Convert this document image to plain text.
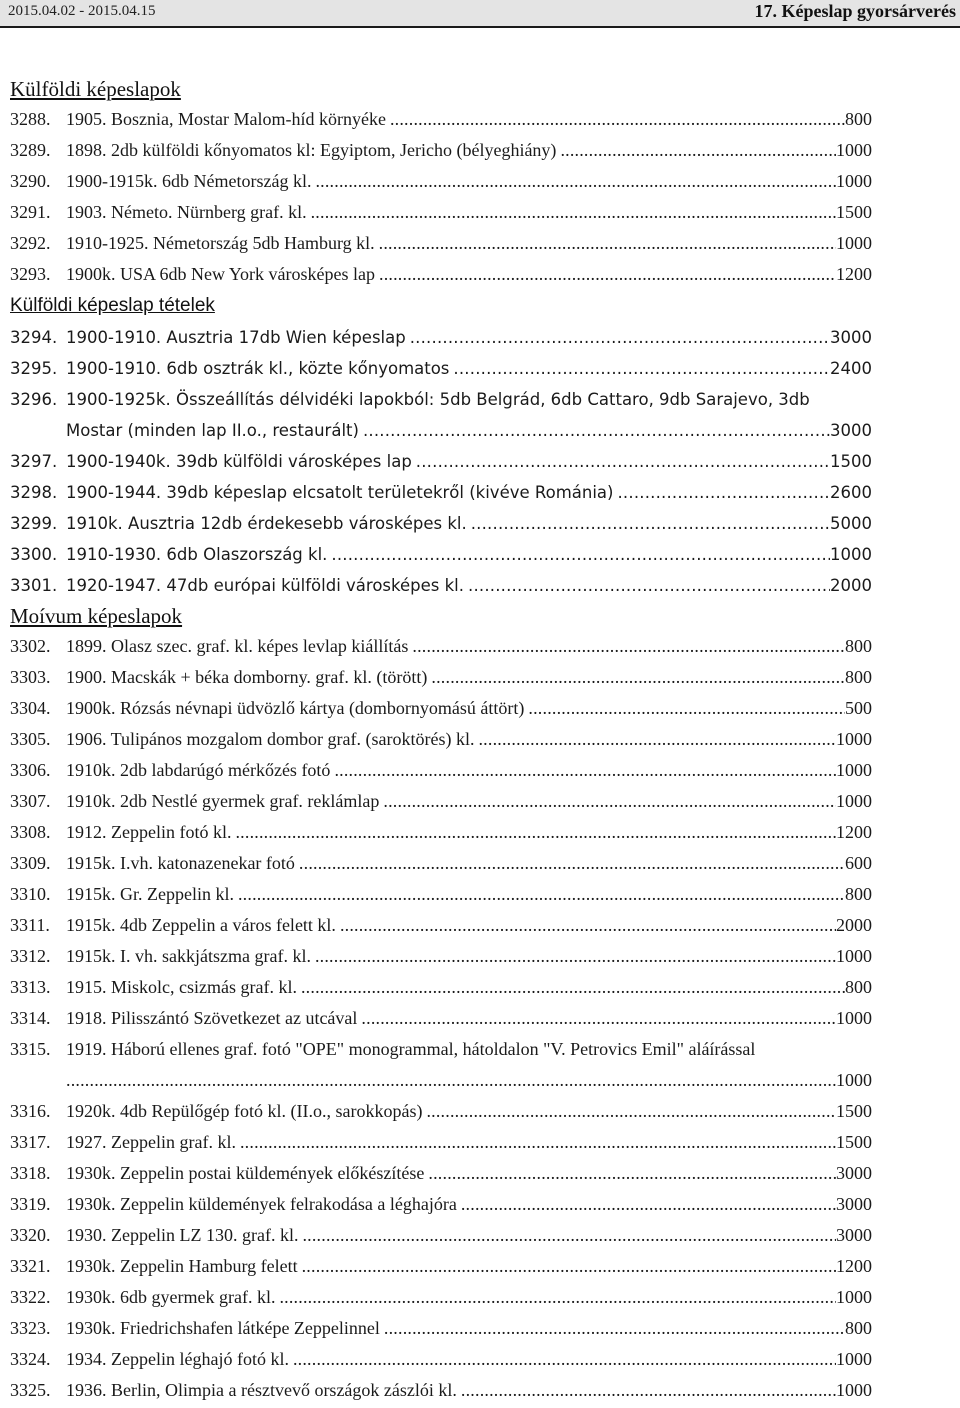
2015.04.02 - 2015.04.15	17. Képeslap gyorsárverés
Külföldi képeslapok
3288. 1905. Bosznia, Mostar Malom-híd környéke .....	800
3289. 1898. 2db külföldi kőnyomatos kl: Egyiptom, Jericho (bélyeghiány) .....	1000
3290. 1900-1915k. 6db Németország kl. .....	1000
3291. 1903. Németo. Nürnberg graf. kl. .....	1500
3292. 1910-1925. Németország 5db Hamburg kl. .....	1000
3293. 1900k. USA 6db New York városképes lap .....	1200
Külföldi képeslap tételek
3294. 1900-1910. Ausztria 17db Wien képeslap .....	3000
3295. 1900-1910. 6db osztrák kl., közte kőnyomatos .....	2400
3296. 1900-1925k. Összeállítás délvidéki lapokból: 5db Belgrád, 6db Cattaro, 9db Sarajevo, 3db
Mostar (minden lap II.o., restaurált) .....	3000
3297. 1900-1940k. 39db külföldi városképes lap .....	1500
3298. 1900-1944. 39db képeslap elcsatolt területekről (kivéve Románia) .....	2600
3299. 1910k. Ausztria 12db érdekesebb városképes kl. .....	5000
3300. 1910-1930. 6db Olaszország kl. .....	1000
3301. 1920-1947. 47db európai külföldi városképes kl. .....	2000
Moívum képeslapok
3302. 1899. Olasz szec. graf. kl. képes levlap kiállítás .....	800
3303. 1900. Macskák + béka domborny. graf. kl. (törött) .....	800
3304. 1900k. Rózsás névnapi üdvözlő kártya (dombornyomású áttört) .....	500
3305. 1906. Tulipános mozgalom dombor graf. (saroktörés) kl. .....	1000
3306. 1910k. 2db labdarúgó mérkőzés fotó .....	1000
3307. 1910k. 2db Nestlé gyermek graf. reklámlap .....	1000
3308. 1912. Zeppelin fotó kl. .....	1200
3309. 1915k. I.vh. katonazenekar fotó .....	600
3310. 1915k. Gr. Zeppelin kl. .....	800
3311. 1915k. 4db Zeppelin a város felett kl. .....	2000
3312. 1915k. I. vh. sakkjátszma graf. kl. .....	1000
3313. 1915. Miskolc, csizmás graf. kl. .....	800
3314. 1918. Pilisszántó Szövetkezet az utcával .....	1000
3315. 1919. Háború ellenes graf. fotó "OPE" monogrammal, hátoldalon "V. Petrovics Emil" aláírással
.....
1000
3316. 1920k. 4db Repülőgép fotó kl. (II.o., sarokkopás) .....	1500
3317. 1927. Zeppelin graf. kl. .....	1500
3318. 1930k. Zeppelin postai küldemények előkészítése .....	3000
3319. 1930k. Zeppelin küldemények felrakodása a léghajóra .....	3000
3320. 1930. Zeppelin LZ 130. graf. kl. .....	3000
3321. 1930k. Zeppelin Hamburg felett .....	1200
3322. 1930k. 6db gyermek graf. kl. .....	1000
3323. 1930k. Friedrichshafen látképe Zeppelinnel .....	800
3324. 1934. Zeppelin léghajó fotó kl. .....	1000
3325. 1936. Berlin, Olimpia a résztvevő országok zászlói kl. .....	1000
